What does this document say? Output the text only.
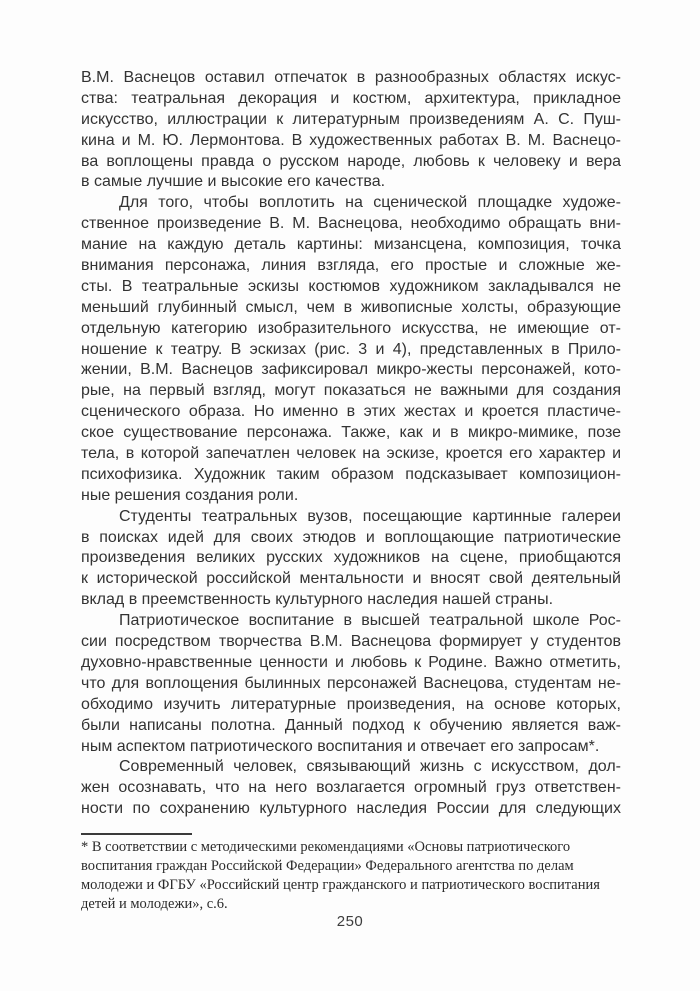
В.М. Васнецов оставил отпечаток в разнообразных областях искус-
ства: театральная декорация и костюм, архитектура, прикладное
искусство, иллюстрации к литературным произведениям А. С. Пуш-
кина и М. Ю. Лермонтова. В художественных работах В. М. Васнецо-
ва воплощены правда о русском народе, любовь к человеку и вера
в самые лучшие и высокие его качества.
Для того, чтобы воплотить на сценической площадке художе-
ственное произведение В. М. Васнецова, необходимо обращать вни-
мание на каждую деталь картины: мизансцена, композиция, точка
внимания персонажа, линия взгляда, его простые и сложные же-
сты. В театральные эскизы костюмов художником закладывался не
меньший глубинный смысл, чем в живописные холсты, образующие
отдельную категорию изобразительного искусства, не имеющие от-
ношение к театру. В эскизах (рис. 3 и 4), представленных в Прило-
жении, В.М. Васнецов зафиксировал микро-жесты персонажей, кото-
рые, на первый взгляд, могут показаться не важными для создания
сценического образа. Но именно в этих жестах и кроется пластиче-
ское существование персонажа. Также, как и в микро-мимике, позе
тела, в которой запечатлен человек на эскизе, кроется его характер и
психофизика. Художник таким образом подсказывает композицион-
ные решения создания роли.
Студенты театральных вузов, посещающие картинные галереи
в поисках идей для своих этюдов и воплощающие патриотические
произведения великих русских художников на сцене, приобщаются
к исторической российской ментальности и вносят свой деятельный
вклад в преемственность культурного наследия нашей страны.
Патриотическое воспитание в высшей театральной школе Рос-
сии посредством творчества В.М. Васнецова формирует у студентов
духовно-нравственные ценности и любовь к Родине. Важно отметить,
что для воплощения былинных персонажей Васнецова, студентам не-
обходимо изучить литературные произведения, на основе которых,
были написаны полотна. Данный подход к обучению является важ-
ным аспектом патриотического воспитания и отвечает его запросам*.
Современный человек, связывающий жизнь с искусством, дол-
жен осознавать, что на него возлагается огромный груз ответствен-
ности по сохранению культурного наследия России для следующих
* В соответствии с методическими рекомендациями «Основы патриотического
воспитания граждан Российской Федерации» Федерального агентства по делам
молодежи и ФГБУ «Российский центр гражданского и патриотического воспитания
детей и молодежи», с.6.
250
